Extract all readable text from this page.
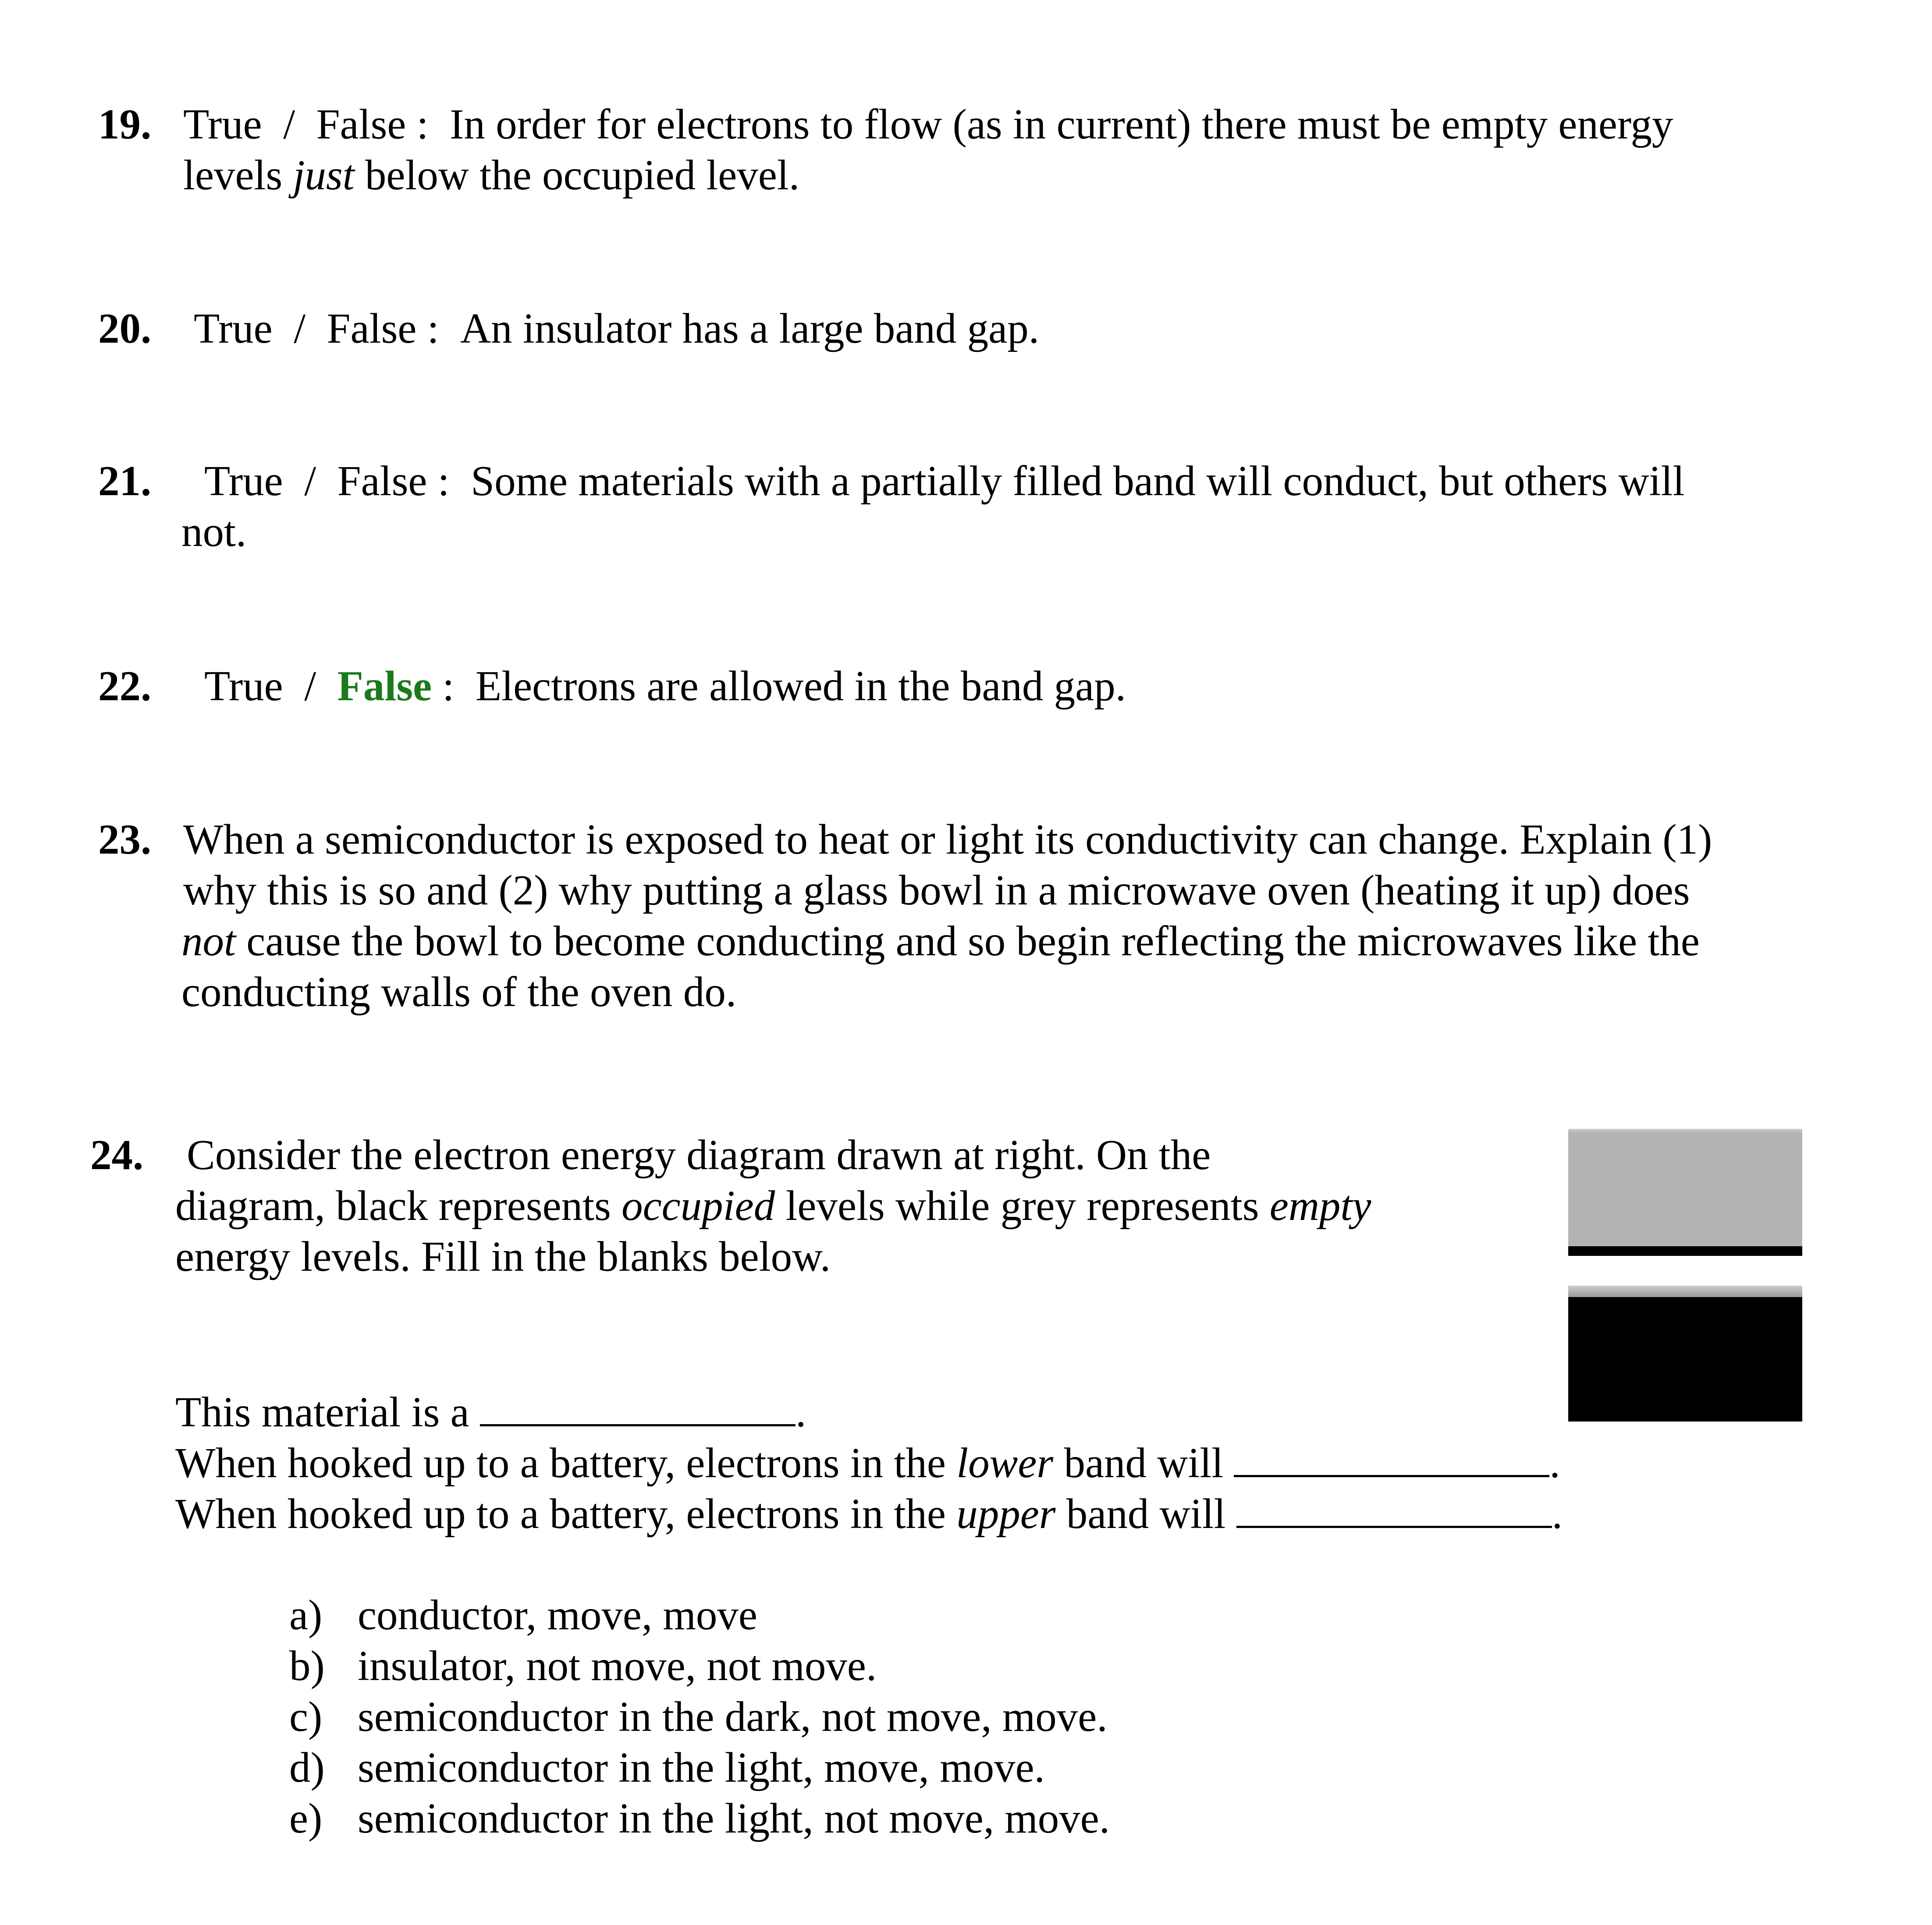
19. True / False : In order for electrons to flow (as in current) there must be empty energy
levels just below the occupied level.
20. True / False : An insulator has a large band gap.
21. True / False : Some materials with a partially filled band will conduct, but others will
not.
22. True / False : Electrons are allowed in the band gap.
23. When a semiconductor is exposed to heat or light its conductivity can change. Explain (1)
why this is so and (2) why putting a glass bowl in a microwave oven (heating it up) does
not cause the bowl to become conducting and so begin reflecting the microwaves like the
conducting walls of the oven do.
24. Consider the electron energy diagram drawn at right. On the
diagram, black represents occupied levels while grey represents empty
energy levels. Fill in the blanks below.
This material is a	.
When hooked up to a battery, electrons in the lower band will	.
When hooked up to a battery, electrons in the upper band will	.
a) conductor, move, move
b) insulator, not move, not move.
c) semiconductor in the dark, not move, move.
d) semiconductor in the light, move, move.
e) semiconductor in the light, not move, move.
